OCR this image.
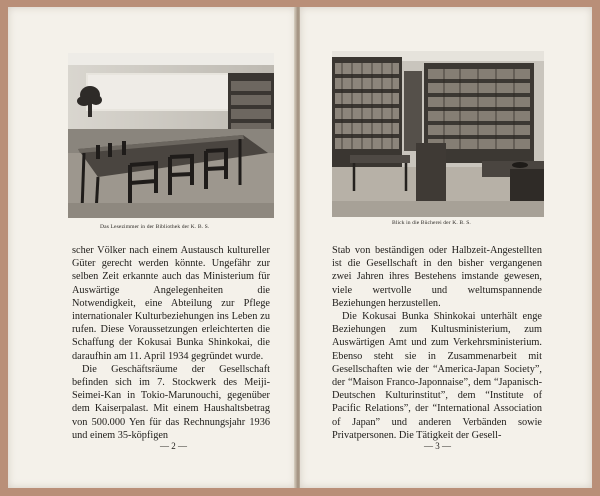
Das Lesezimmer in der Bibliothek der K. B. S.

scher Völker nach einem Austausch kultureller Güter gerecht werden könnte. Ungefähr zur selben Zeit erkannte auch das Ministerium für Auswärtige Angelegenheiten die Notwendigkeit, eine Abteilung zur Pflege internationaler Kulturbeziehungen ins Leben zu rufen. Diese Voraussetzungen erleichterten die Schaffung der Kokusai Bunka Shinkokai, die daraufhin am 11. April 1934 gegründet wurde.

Die Geschäftsräume der Gesellschaft befinden sich im 7. Stockwerk des Meiji-Seimei-Kan in Tokio-Marunouchi, gegenüber dem Kaiserpalast. Mit einem Haushaltsbetrag von 500.000 Yen für das Rechnungsjahr 1936 und einem 35-köpfigen

— 2 —
Blick in die Bücherei der K. B. S.

Stab von beständigen oder Halbzeit-Angestellten ist die Gesellschaft in den bisher vergangenen zwei Jahren ihres Bestehens imstande gewesen, viele wertvolle und weltumspannende Beziehungen herzustellen.

Die Kokusai Bunka Shinkokai unterhält enge Beziehungen zum Kultusministerium, zum Auswärtigen Amt und zum Verkehrsministerium. Ebenso steht sie in Zusammenarbeit mit Gesellschaften wie der “America-Japan Society”, der “Maison Franco-Japonnaise”, dem “Japanisch-Deutschen Kulturinstitut”, dem “Institute of Pacific Relations”, der “International Association of Japan” und anderen Verbänden sowie Privatpersonen. Die Tätigkeit der Gesell-

— 3 —
